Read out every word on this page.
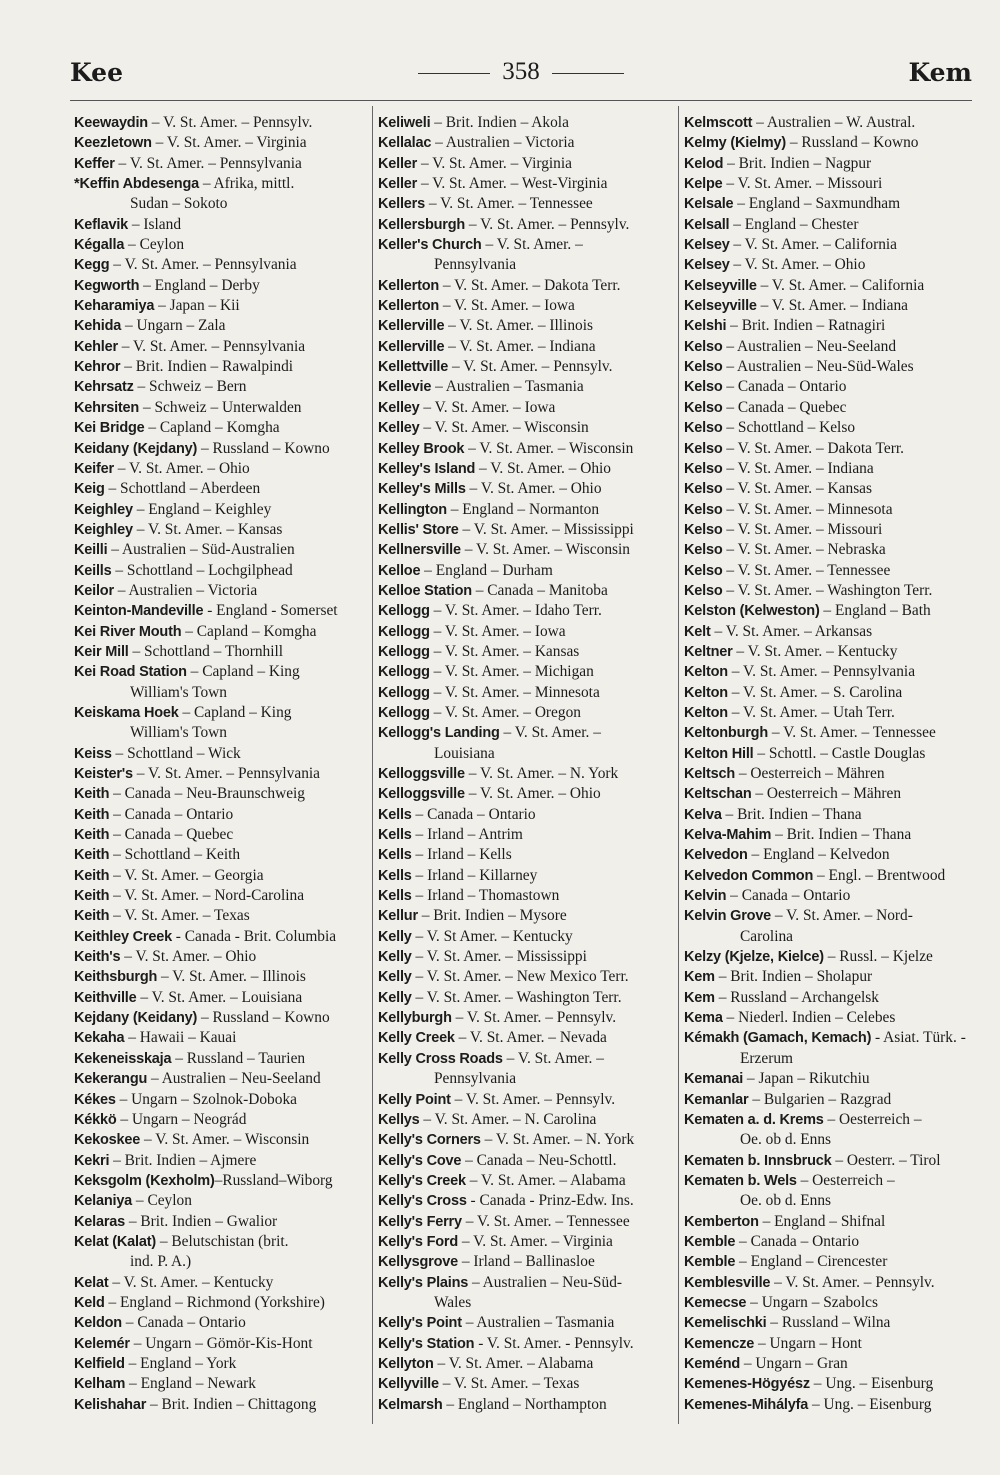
Kee	358	Kem
Keewaydin – V. St. Amer. – Pennsylv.
Keezletown – V. St. Amer. – Virginia
Keffer – V. St. Amer. – Pennsylvania
*Keffin Abdesenga – Afrika, mittl.
Sudan – Sokoto
Keflavik – Island
Kégalla – Ceylon
Kegg – V. St. Amer. – Pennsylvania
Kegworth – England – Derby
Keharamiya – Japan – Kii
Kehida – Ungarn – Zala
Kehler – V. St. Amer. – Pennsylvania
Kehror – Brit. Indien – Rawalpindi
Kehrsatz – Schweiz – Bern
Kehrsiten – Schweiz – Unterwalden
Kei Bridge – Capland – Komgha
Keidany (Kejdany) – Russland – Kowno
Keifer – V. St. Amer. – Ohio
Keig – Schottland – Aberdeen
Keighley – England – Keighley
Keighley – V. St. Amer. – Kansas
Keilli – Australien – Süd-Australien
Keills – Schottland – Lochgilphead
Keilor – Australien – Victoria
Keinton-Mandeville - England - Somerset
Kei River Mouth – Capland – Komgha
Keir Mill – Schottland – Thornhill
Kei Road Station – Capland – King
William's Town
Keiskama Hoek – Capland – King
William's Town
Keiss – Schottland – Wick
Keister's – V. St. Amer. – Pennsylvania
Keith – Canada – Neu-Braunschweig
Keith – Canada – Ontario
Keith – Canada – Quebec
Keith – Schottland – Keith
Keith – V. St. Amer. – Georgia
Keith – V. St. Amer. – Nord-Carolina
Keith – V. St. Amer. – Texas
Keithley Creek - Canada - Brit. Columbia
Keith's – V. St. Amer. – Ohio
Keithsburgh – V. St. Amer. – Illinois
Keithville – V. St. Amer. – Louisiana
Kejdany (Keidany) – Russland – Kowno
Kekaha – Hawaii – Kauai
Kekeneisskaja – Russland – Taurien
Kekerangu – Australien – Neu-Seeland
Kékes – Ungarn – Szolnok-Doboka
Kékkö – Ungarn – Neográd
Kekoskee – V. St. Amer. – Wisconsin
Kekri – Brit. Indien – Ajmere
Keksgolm (Kexholm)–Russland–Wiborg
Kelaniya – Ceylon
Kelaras – Brit. Indien – Gwalior
Kelat (Kalat) – Belutschistan (brit.
ind. P. A.)
Kelat – V. St. Amer. – Kentucky
Keld – England – Richmond (Yorkshire)
Keldon – Canada – Ontario
Kelemér – Ungarn – Gömör-Kis-Hont
Kelfield – England – York
Kelham – England – Newark
Kelishahar – Brit. Indien – Chittagong
Keliweli – Brit. Indien – Akola
Kellalac – Australien – Victoria
Keller – V. St. Amer. – Virginia
Keller – V. St. Amer. – West-Virginia
Kellers – V. St. Amer. – Tennessee
Kellersburgh – V. St. Amer. – Pennsylv.
Keller's Church – V. St. Amer. –
Pennsylvania
Kellerton – V. St. Amer. – Dakota Terr.
Kellerton – V. St. Amer. – Iowa
Kellerville – V. St. Amer. – Illinois
Kellerville – V. St. Amer. – Indiana
Kellettville – V. St. Amer. – Pennsylv.
Kellevie – Australien – Tasmania
Kelley – V. St. Amer. – Iowa
Kelley – V. St. Amer. – Wisconsin
Kelley Brook – V. St. Amer. – Wisconsin
Kelley's Island – V. St. Amer. – Ohio
Kelley's Mills – V. St. Amer. – Ohio
Kellington – England – Normanton
Kellis' Store – V. St. Amer. – Mississippi
Kellnersville – V. St. Amer. – Wisconsin
Kelloe – England – Durham
Kelloe Station – Canada – Manitoba
Kellogg – V. St. Amer. – Idaho Terr.
Kellogg – V. St. Amer. – Iowa
Kellogg – V. St. Amer. – Kansas
Kellogg – V. St. Amer. – Michigan
Kellogg – V. St. Amer. – Minnesota
Kellogg – V. St. Amer. – Oregon
Kellogg's Landing – V. St. Amer. –
Louisiana
Kelloggsville – V. St. Amer. – N. York
Kelloggsville – V. St. Amer. – Ohio
Kells – Canada – Ontario
Kells – Irland – Antrim
Kells – Irland – Kells
Kells – Irland – Killarney
Kells – Irland – Thomastown
Kellur – Brit. Indien – Mysore
Kelly – V. St Amer. – Kentucky
Kelly – V. St. Amer. – Mississippi
Kelly – V. St. Amer. – New Mexico Terr.
Kelly – V. St. Amer. – Washington Terr.
Kellyburgh – V. St. Amer. – Pennsylv.
Kelly Creek – V. St. Amer. – Nevada
Kelly Cross Roads – V. St. Amer. –
Pennsylvania
Kelly Point – V. St. Amer. – Pennsylv.
Kellys – V. St. Amer. – N. Carolina
Kelly's Corners – V. St. Amer. – N. York
Kelly's Cove – Canada – Neu-Schottl.
Kelly's Creek – V. St. Amer. – Alabama
Kelly's Cross - Canada - Prinz-Edw. Ins.
Kelly's Ferry – V. St. Amer. – Tennessee
Kelly's Ford – V. St. Amer. – Virginia
Kellysgrove – Irland – Ballinasloe
Kelly's Plains – Australien – Neu-Süd-
Wales
Kelly's Point – Australien – Tasmania
Kelly's Station - V. St. Amer. - Pennsylv.
Kellyton – V. St. Amer. – Alabama
Kellyville – V. St. Amer. – Texas
Kelmarsh – England – Northampton
Kelmscott – Australien – W. Austral.
Kelmy (Kielmy) – Russland – Kowno
Kelod – Brit. Indien – Nagpur
Kelpe – V. St. Amer. – Missouri
Kelsale – England – Saxmundham
Kelsall – England – Chester
Kelsey – V. St. Amer. – California
Kelsey – V. St. Amer. – Ohio
Kelseyville – V. St. Amer. – California
Kelseyville – V. St. Amer. – Indiana
Kelshi – Brit. Indien – Ratnagiri
Kelso – Australien – Neu-Seeland
Kelso – Australien – Neu-Süd-Wales
Kelso – Canada – Ontario
Kelso – Canada – Quebec
Kelso – Schottland – Kelso
Kelso – V. St. Amer. – Dakota Terr.
Kelso – V. St. Amer. – Indiana
Kelso – V. St. Amer. – Kansas
Kelso – V. St. Amer. – Minnesota
Kelso – V. St. Amer. – Missouri
Kelso – V. St. Amer. – Nebraska
Kelso – V. St. Amer. – Tennessee
Kelso – V. St. Amer. – Washington Terr.
Kelston (Kelweston) – England – Bath
Kelt – V. St. Amer. – Arkansas
Keltner – V. St. Amer. – Kentucky
Kelton – V. St. Amer. – Pennsylvania
Kelton – V. St. Amer. – S. Carolina
Kelton – V. St. Amer. – Utah Terr.
Keltonburgh – V. St. Amer. – Tennessee
Kelton Hill – Schottl. – Castle Douglas
Keltsch – Oesterreich – Mähren
Keltschan – Oesterreich – Mähren
Kelva – Brit. Indien – Thana
Kelva-Mahim – Brit. Indien – Thana
Kelvedon – England – Kelvedon
Kelvedon Common – Engl. – Brentwood
Kelvin – Canada – Ontario
Kelvin Grove – V. St. Amer. – Nord-
Carolina
Kelzy (Kjelze, Kielce) – Russl. – Kjelze
Kem – Brit. Indien – Sholapur
Kem – Russland – Archangelsk
Kema – Niederl. Indien – Celebes
Kémakh (Gamach, Kemach) - Asiat. Türk. -
Erzerum
Kemanai – Japan – Rikutchiu
Kemanlar – Bulgarien – Razgrad
Kematen a. d. Krems – Oesterreich –
Oe. ob d. Enns
Kematen b. Innsbruck – Oesterr. – Tirol
Kematen b. Wels – Oesterreich –
Oe. ob d. Enns
Kemberton – England – Shifnal
Kemble – Canada – Ontario
Kemble – England – Cirencester
Kemblesville – V. St. Amer. – Pennsylv.
Kemecse – Ungarn – Szabolcs
Kemelischki – Russland – Wilna
Kemencze – Ungarn – Hont
Keménd – Ungarn – Gran
Kemenes-Högyész – Ung. – Eisenburg
Kemenes-Mihályfa – Ung. – Eisenburg
